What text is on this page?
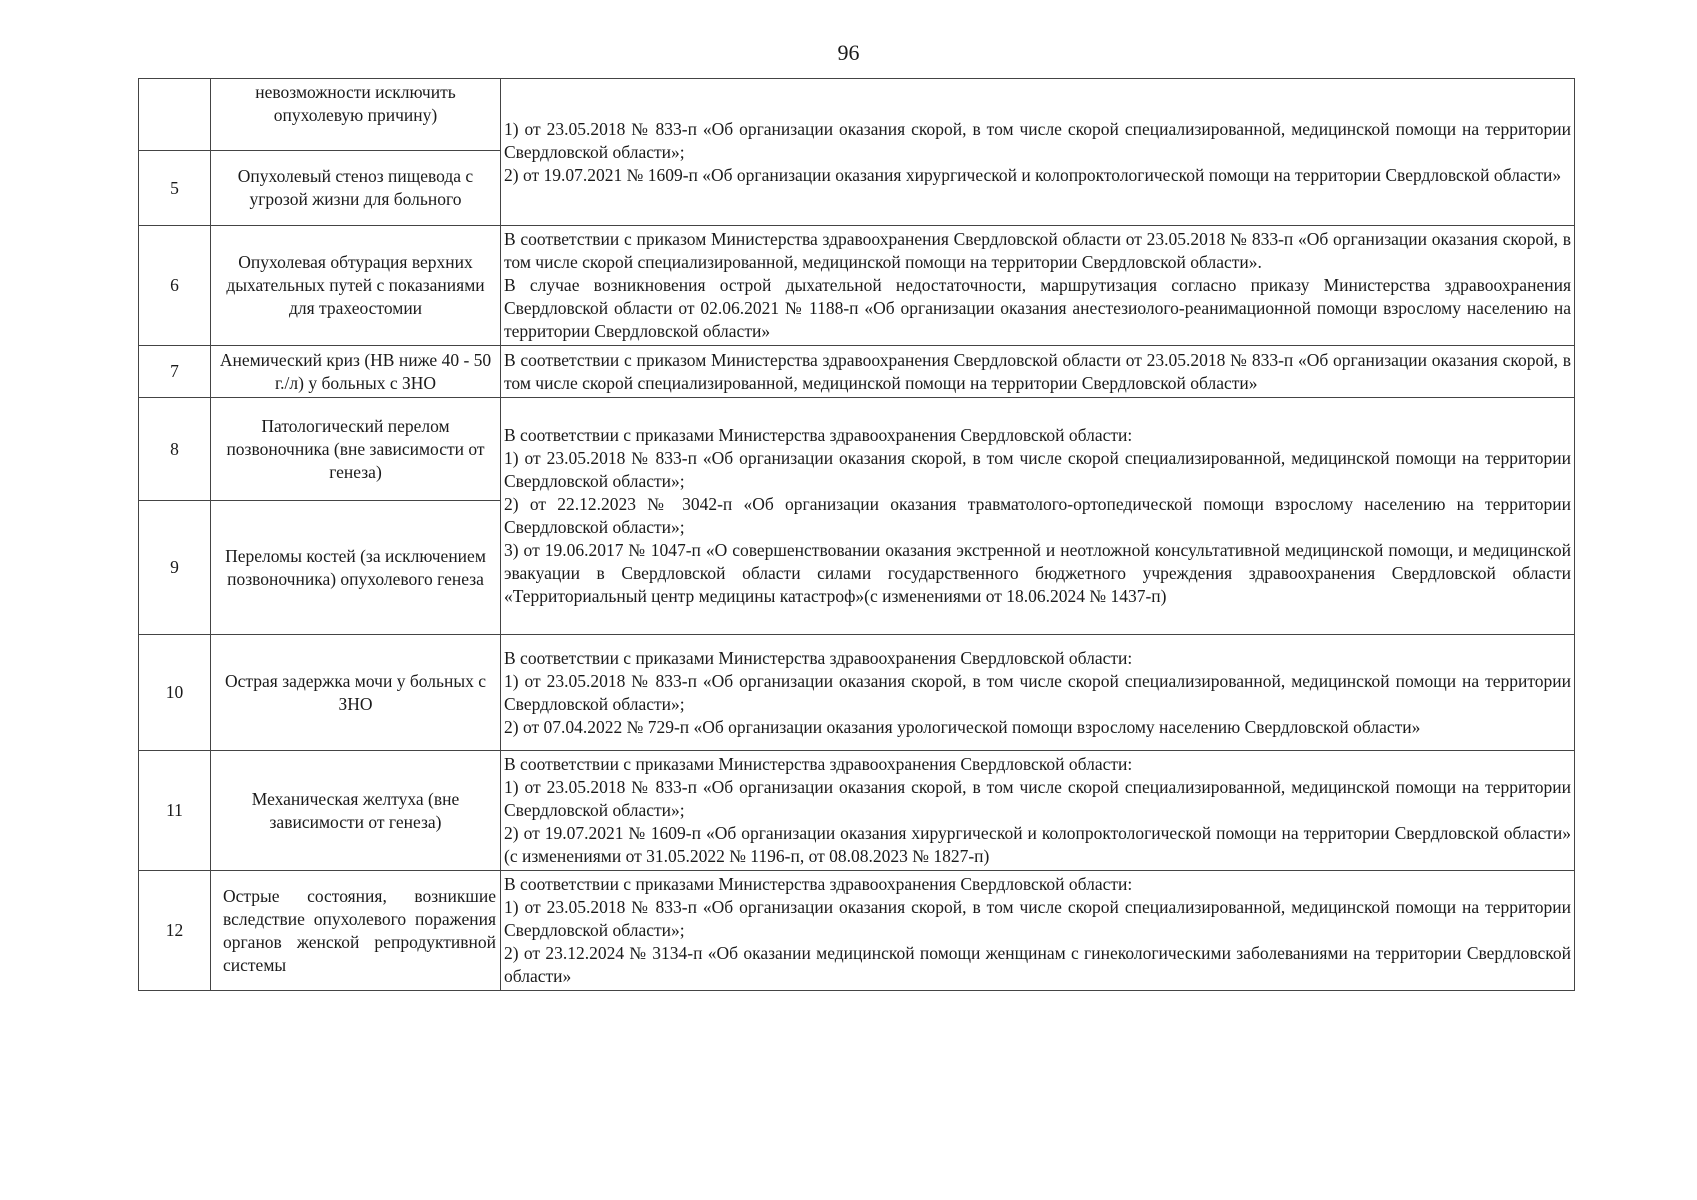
96
	невозможности исключить опухолевую причину)	1) от 23.05.2018 № 833-п «Об организации оказания скорой, в том числе скорой специализированной, медицинской помощи на территории Свердловской области»;
2) от 19.07.2021 № 1609-п «Об организации оказания хирургической и колопроктологической помощи на территории Свердловской области»

5	Опухолевый стеноз пищевода с угрозой жизни для больного	
6	Опухолевая обтурация верхних дыхательных путей с показаниями для трахеостомии	В соответствии с приказом Министерства здравоохранения Свердловской области от 23.05.2018 № 833-п «Об организации оказания скорой, в том числе скорой специализированной, медицинской помощи на территории Свердловской области».
В случае возникновения острой дыхательной недостаточности, маршрутизация согласно приказу Министерства здравоохранения Свердловской области от 02.06.2021 № 1188-п «Об организации оказания анестезиолого-реанимационной помощи взрослому населению на территории Свердловской области»

7	Анемический криз (HB ниже 40 - 50 г./л) у больных с ЗНО	В соответствии с приказом Министерства здравоохранения Свердловской области от 23.05.2018 № 833-п «Об организации оказания скорой, в том числе скорой специализированной, медицинской помощи на территории Свердловской области»

8	Патологический перелом позвоночника (вне зависимости от генеза)	В соответствии с приказами Министерства здравоохранения Свердловской области:
1) от 23.05.2018 № 833-п «Об организации оказания скорой, в том числе скорой специализированной, медицинской помощи на территории Свердловской области»;
2) от 22.12.2023 № 3042-п «Об организации оказания травматолого-ортопедической помощи взрослому населению на территории Свердловской области»;
3) от 19.06.2017 № 1047-п «О совершенствовании оказания экстренной и неотложной консультативной медицинской помощи, и медицинской эвакуации в Свердловской области силами государственного бюджетного учреждения здравоохранения Свердловской области «Территориальный центр медицины катастроф»(с изменениями от 18.06.2024 № 1437-п)

9	Переломы костей (за исключением позвоночника) опухолевого генеза	
10	Острая задержка мочи у больных с ЗНО	В соответствии с приказами Министерства здравоохранения Свердловской области:
1) от 23.05.2018 № 833-п «Об организации оказания скорой, в том числе скорой специализированной, медицинской помощи на территории Свердловской области»;
2) от 07.04.2022 № 729-п «Об организации оказания урологической помощи взрослому населению Свердловской области»

11	Механическая желтуха (вне зависимости от генеза)	В соответствии с приказами Министерства здравоохранения Свердловской области:
1) от 23.05.2018 № 833-п «Об организации оказания скорой, в том числе скорой специализированной, медицинской помощи на территории Свердловской области»;
2) от 19.07.2021 № 1609-п «Об организации оказания хирургической и колопроктологической помощи на территории Свердловской области» (с изменениями от 31.05.2022 № 1196-п, от 08.08.2023 № 1827-п)

12	Острые состояния, возникшие вследствие опухолевого поражения органов женской репродуктивной системы	В соответствии с приказами Министерства здравоохранения Свердловской области:
1) от 23.05.2018 № 833-п «Об организации оказания скорой, в том числе скорой специализированной, медицинской помощи на территории Свердловской области»;
2) от 23.12.2024 № 3134-п «Об оказании медицинской помощи женщинам с гинекологическими заболеваниями на территории Свердловской области»
